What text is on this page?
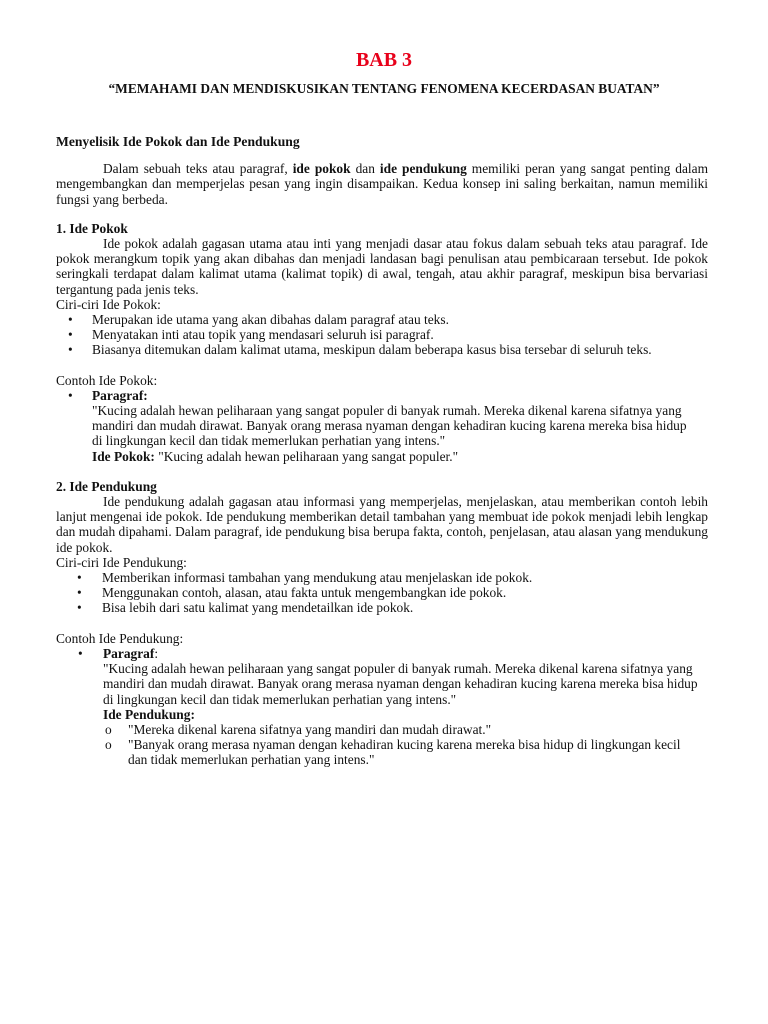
BAB 3
“MEMAHAMI DAN MENDISKUSIKAN TENTANG FENOMENA KECERDASAN BUATAN”
Menyelisik Ide Pokok dan Ide Pendukung

Dalam sebuah teks atau paragraf, ide pokok dan ide pendukung memiliki peran yang sangat penting dalam mengembangkan dan memperjelas pesan yang ingin disampaikan. Kedua konsep ini saling berkaitan, namun memiliki fungsi yang berbeda.

1. Ide Pokok

Ide pokok adalah gagasan utama atau inti yang menjadi dasar atau fokus dalam sebuah teks atau paragraf. Ide pokok merangkum topik yang akan dibahas dan menjadi landasan bagi penulisan atau pembicaraan tersebut. Ide pokok seringkali terdapat dalam kalimat utama (kalimat topik) di awal, tengah, atau akhir paragraf, meskipun bisa bervariasi tergantung pada jenis teks.

Ciri-ciri Ide Pokok:

• Merupakan ide utama yang akan dibahas dalam paragraf atau teks.
• Menyatakan inti atau topik yang mendasari seluruh isi paragraf.
• Biasanya ditemukan dalam kalimat utama, meskipun dalam beberapa kasus bisa tersebar di seluruh teks.

Contoh Ide Pokok:

• Paragraf:
"Kucing adalah hewan peliharaan yang sangat populer di banyak rumah. Mereka dikenal karena sifatnya yang mandiri dan mudah dirawat. Banyak orang merasa nyaman dengan kehadiran kucing karena mereka bisa hidup di lingkungan kecil dan tidak memerlukan perhatian yang intens."
Ide Pokok: "Kucing adalah hewan peliharaan yang sangat populer."
2. Ide Pendukung

Ide pendukung adalah gagasan atau informasi yang memperjelas, menjelaskan, atau memberikan contoh lebih lanjut mengenai ide pokok. Ide pendukung memberikan detail tambahan yang membuat ide pokok menjadi lebih lengkap dan mudah dipahami. Dalam paragraf, ide pendukung bisa berupa fakta, contoh, penjelasan, atau alasan yang mendukung ide pokok.

Ciri-ciri Ide Pendukung:

• Memberikan informasi tambahan yang mendukung atau menjelaskan ide pokok.
• Menggunakan contoh, alasan, atau fakta untuk mengembangkan ide pokok.
• Bisa lebih dari satu kalimat yang mendetailkan ide pokok.

Contoh Ide Pendukung:

• Paragraf:
"Kucing adalah hewan peliharaan yang sangat populer di banyak rumah. Mereka dikenal karena sifatnya yang mandiri dan mudah dirawat. Banyak orang merasa nyaman dengan kehadiran kucing karena mereka bisa hidup di lingkungan kecil dan tidak memerlukan perhatian yang intens."
Ide Pendukung:
o "Mereka dikenal karena sifatnya yang mandiri dan mudah dirawat."
o "Banyak orang merasa nyaman dengan kehadiran kucing karena mereka bisa hidup di lingkungan kecil dan tidak memerlukan perhatian yang intens."
